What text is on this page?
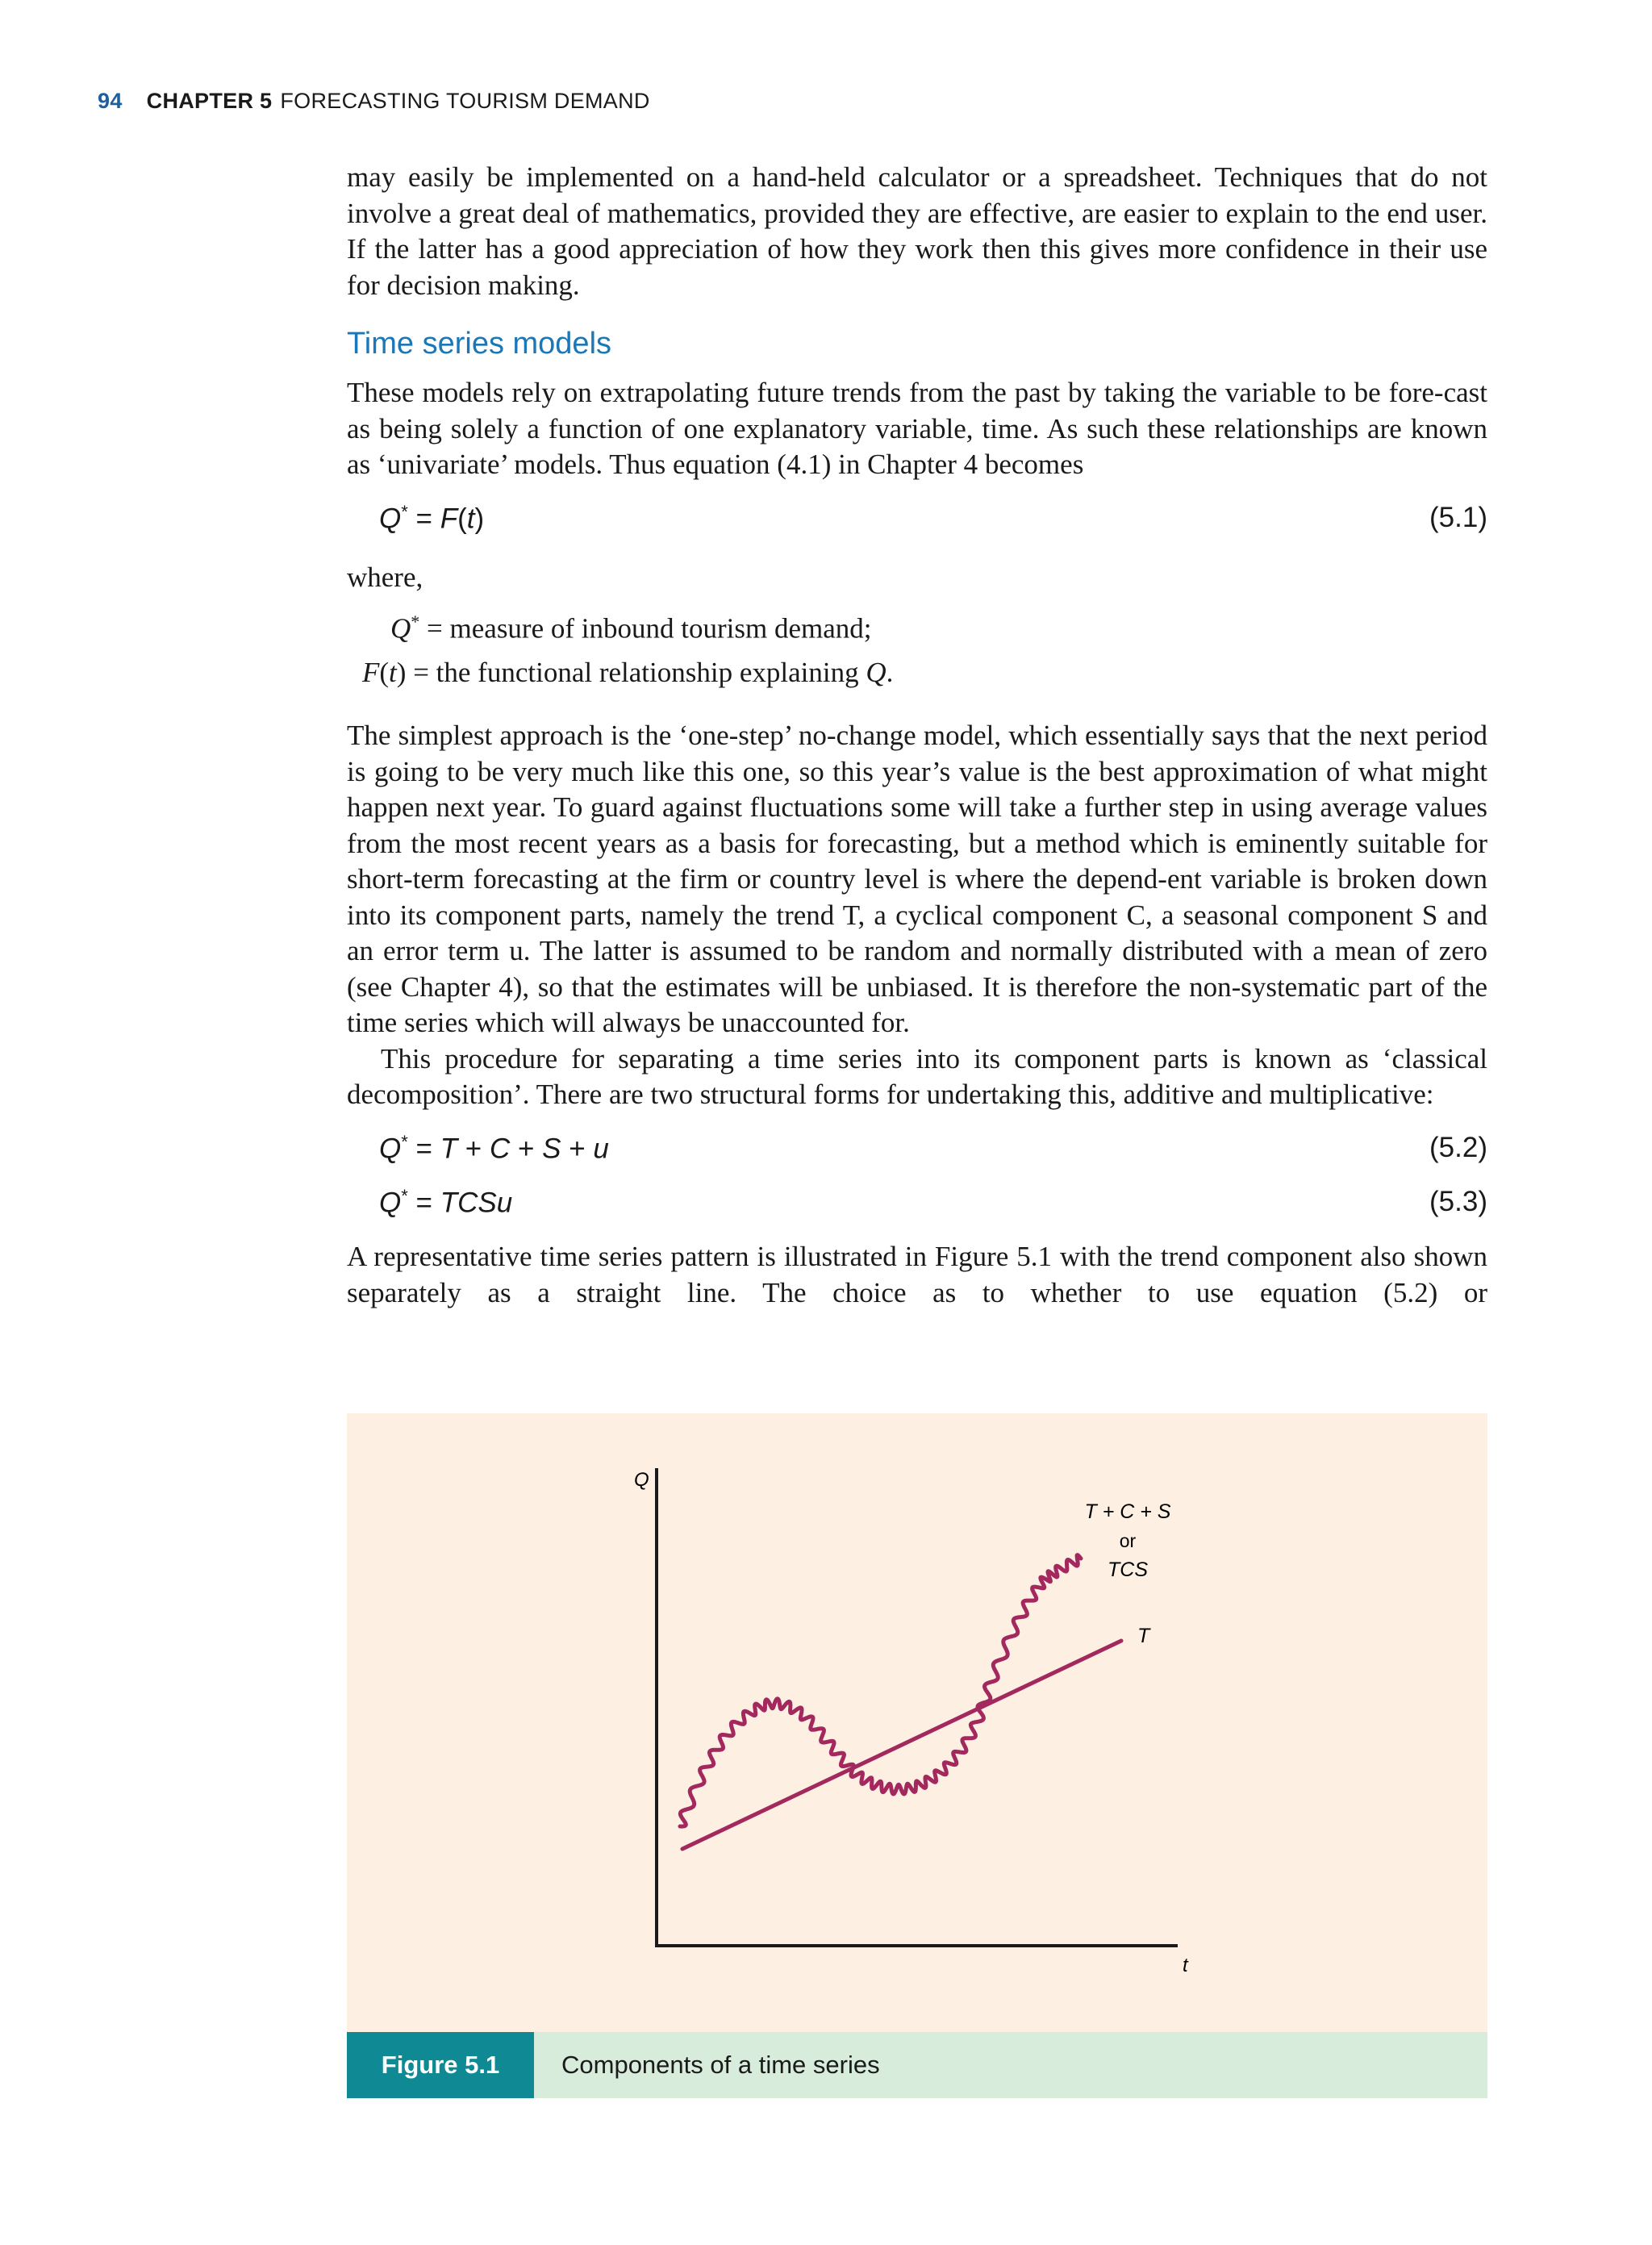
94 CHAPTER 5 FORECASTING TOURISM DEMAND

may easily be implemented on a hand-held calculator or a spreadsheet. Techniques that do not involve a great deal of mathematics, provided they are effective, are easier to explain to the end user. If the latter has a good appreciation of how they work then this gives more confidence in their use for decision making.

Time series models

These models rely on extrapolating future trends from the past by taking the variable to be fore-cast as being solely a function of one explanatory variable, time. As such these relationships are known as ‘univariate’ models. Thus equation (4.1) in Chapter 4 becomes

Q* = F(t)	(5.1)
where,
Q* = measure of inbound tourism demand;
F(t) = the functional relationship explaining Q.

The simplest approach is the ‘one-step’ no-change model, which essentially says that the next period is going to be very much like this one, so this year’s value is the best approximation of what might happen next year. To guard against fluctuations some will take a further step in using average values from the most recent years as a basis for forecasting, but a method which is eminently suitable for short-term forecasting at the firm or country level is where the depend-ent variable is broken down into its component parts, namely the trend T, a cyclical component C, a seasonal component S and an error term u. The latter is assumed to be random and normally distributed with a mean of zero (see Chapter 4), so that the estimates will be unbiased. It is therefore the non-systematic part of the time series which will always be unaccounted for.

This procedure for separating a time series into its component parts is known as ‘classical decomposition’. There are two structural forms for undertaking this, additive and multiplicative:

Q* = T + C + S + u	(5.2)
Q* = TCSu	(5.3)

A representative time series pattern is illustrated in Figure 5.1 with the trend component also shown separately as a straight line. The choice as to whether to use equation (5.2) or

Q
t
T + C + S
or
TCS
T
Figure 5.1	Components of a time series
